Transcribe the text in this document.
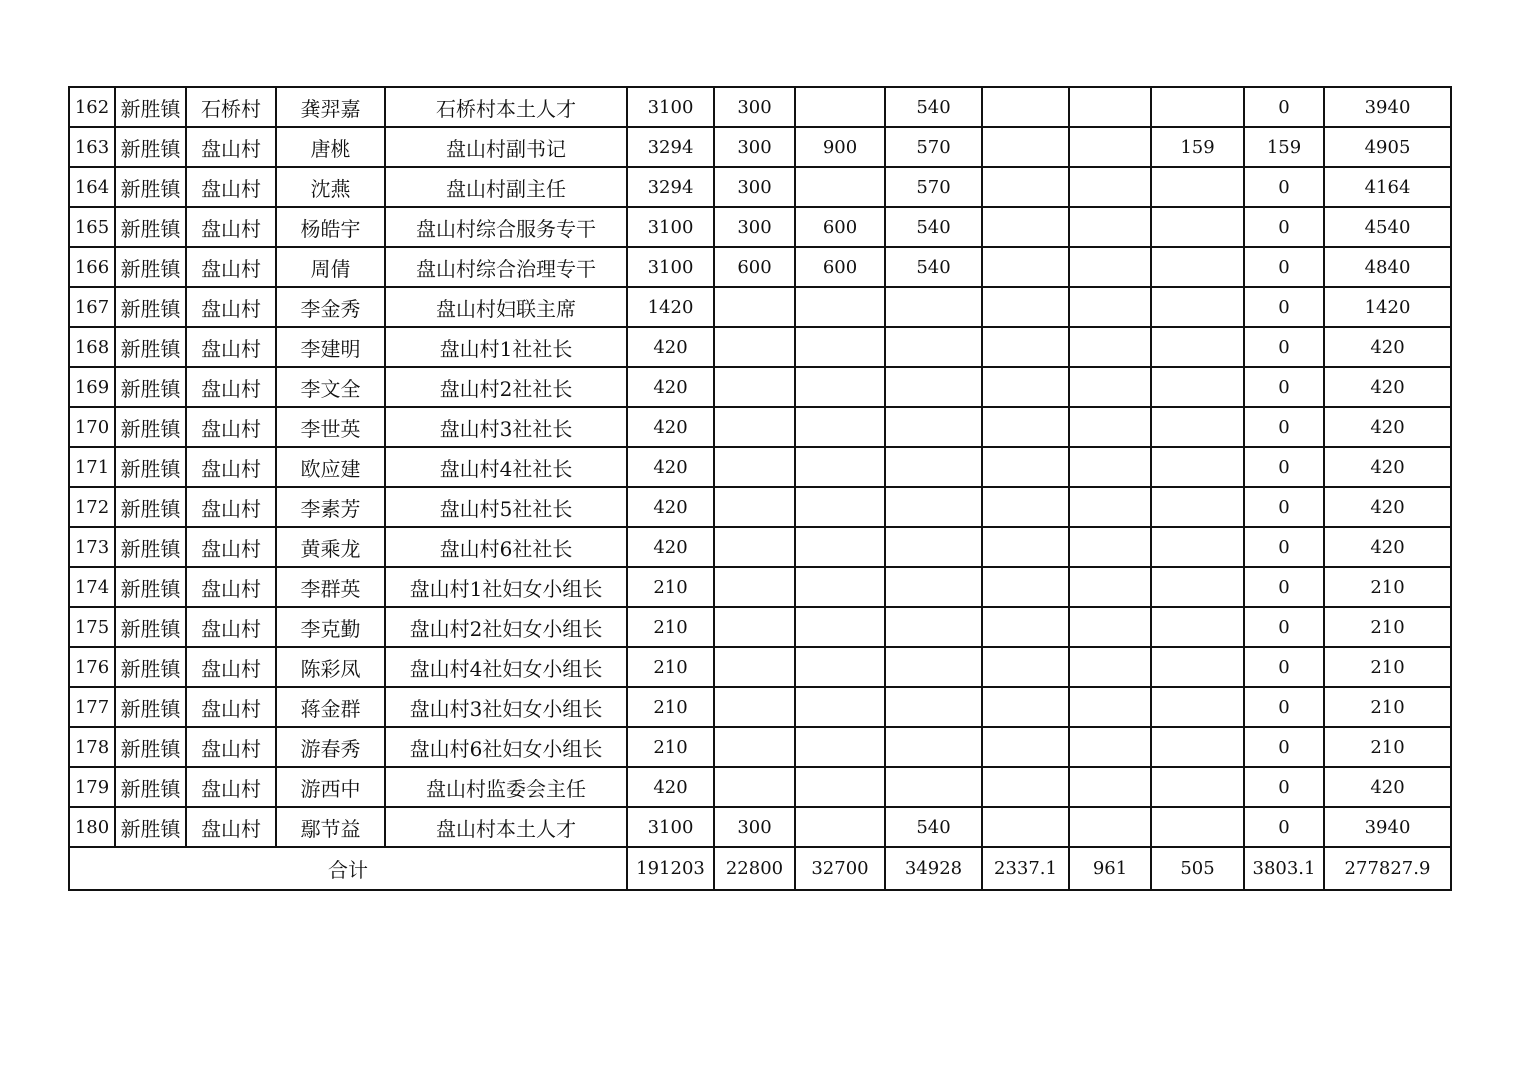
162	新胜镇	石桥村	龚羿嘉	石桥村本土人才	3100	300		540				0	3940
163	新胜镇	盘山村	唐桃	盘山村副书记	3294	300	900	570			159	159	4905
164	新胜镇	盘山村	沈燕	盘山村副主任	3294	300		570				0	4164
165	新胜镇	盘山村	杨皓宇	盘山村综合服务专干	3100	300	600	540				0	4540
166	新胜镇	盘山村	周倩	盘山村综合治理专干	3100	600	600	540				0	4840
167	新胜镇	盘山村	李金秀	盘山村妇联主席	1420							0	1420
168	新胜镇	盘山村	李建明	盘山村1社社长	420							0	420
169	新胜镇	盘山村	李文全	盘山村2社社长	420							0	420
170	新胜镇	盘山村	李世英	盘山村3社社长	420							0	420
171	新胜镇	盘山村	欧应建	盘山村4社社长	420							0	420
172	新胜镇	盘山村	李素芳	盘山村5社社长	420							0	420
173	新胜镇	盘山村	黄乘龙	盘山村6社社长	420							0	420
174	新胜镇	盘山村	李群英	盘山村1社妇女小组长	210							0	210
175	新胜镇	盘山村	李克勤	盘山村2社妇女小组长	210							0	210
176	新胜镇	盘山村	陈彩凤	盘山村4社妇女小组长	210							0	210
177	新胜镇	盘山村	蒋金群	盘山村3社妇女小组长	210							0	210
178	新胜镇	盘山村	游春秀	盘山村6社妇女小组长	210							0	210
179	新胜镇	盘山村	游西中	盘山村监委会主任	420							0	420
180	新胜镇	盘山村	鄢节益	盘山村本土人才	3100	300		540				0	3940
合计					191203	22800	32700	34928	2337.1	961	505	3803.1	277827.9
